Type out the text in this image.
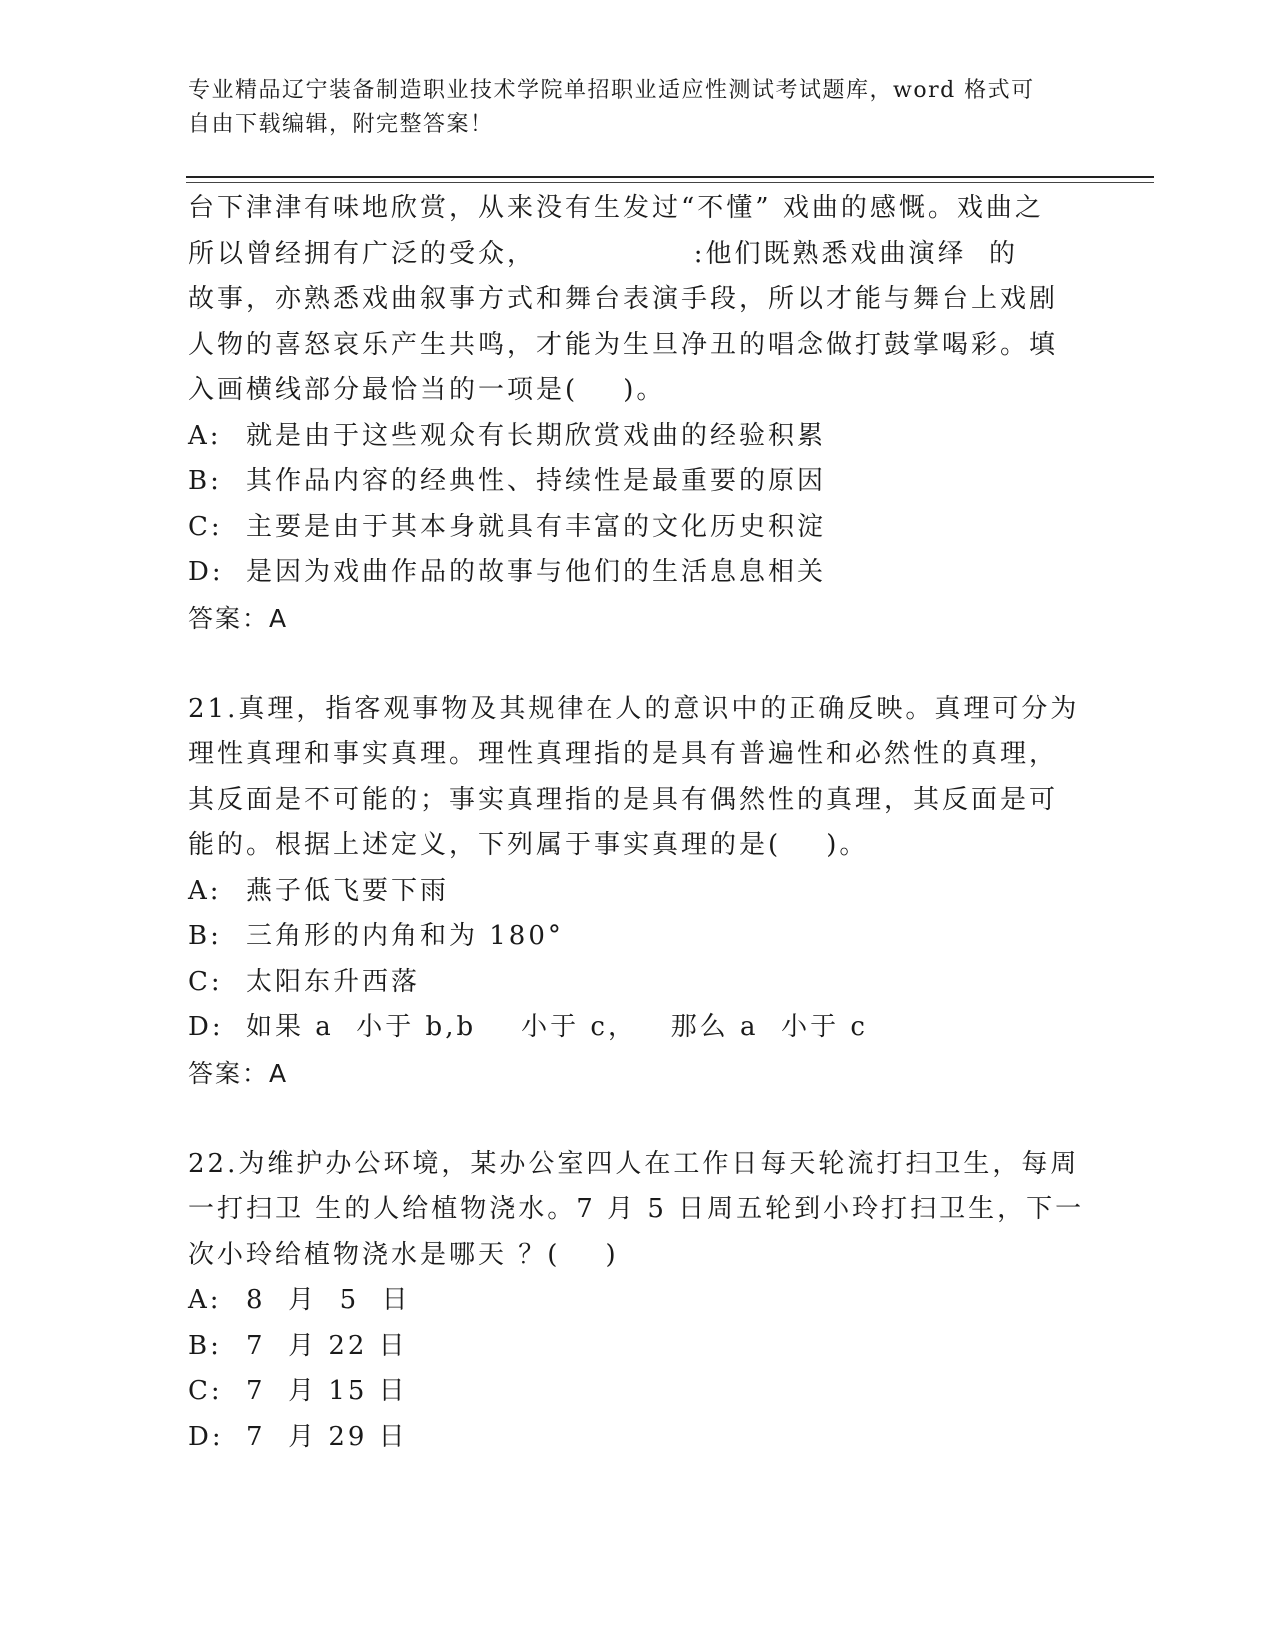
专业精品辽宁装备制造职业技术学院单招职业适应性测试考试题库，word 格式可
自由下载编辑，附完整答案！
台下津津有味地欣赏，从来没有生发过“不懂” 戏曲的感慨。戏曲之
所以曾经拥有广泛的受众，              :他们既熟悉戏曲演绎  的
故事，亦熟悉戏曲叙事方式和舞台表演手段，所以才能与舞台上戏剧
人物的喜怒哀乐产生共鸣，才能为生旦净丑的唱念做打鼓掌喝彩。填
入画横线部分最恰当的一项是(    )。
A: 就是由于这些观众有长期欣赏戏曲的经验积累
B: 其作品内容的经典性、持续性是最重要的原因
C: 主要是由于其本身就具有丰富的文化历史积淀
D: 是因为戏曲作品的故事与他们的生活息息相关
答案：A
21.真理，指客观事物及其规律在人的意识中的正确反映。真理可分为
理性真理和事实真理。理性真理指的是具有普遍性和必然性的真理，
其反面是不可能的；事实真理指的是具有偶然性的真理，其反面是可
能的。根据上述定义，下列属于事实真理的是(    )。
A: 燕子低飞要下雨
B: 三角形的内角和为 180°
C: 太阳东升西落
D: 如果 a  小于 b,b    小于 c，   那么 a  小于 c
答案：A
22.为维护办公环境，某办公室四人在工作日每天轮流打扫卫生，每周
一打扫卫 生的人给植物浇水。7 月 5 日周五轮到小玲打扫卫生，下一
次小玲给植物浇水是哪天 ？(    )
A: 8  月  5  日
B: 7  月 22 日
C: 7  月 15 日
D: 7  月 29 日
